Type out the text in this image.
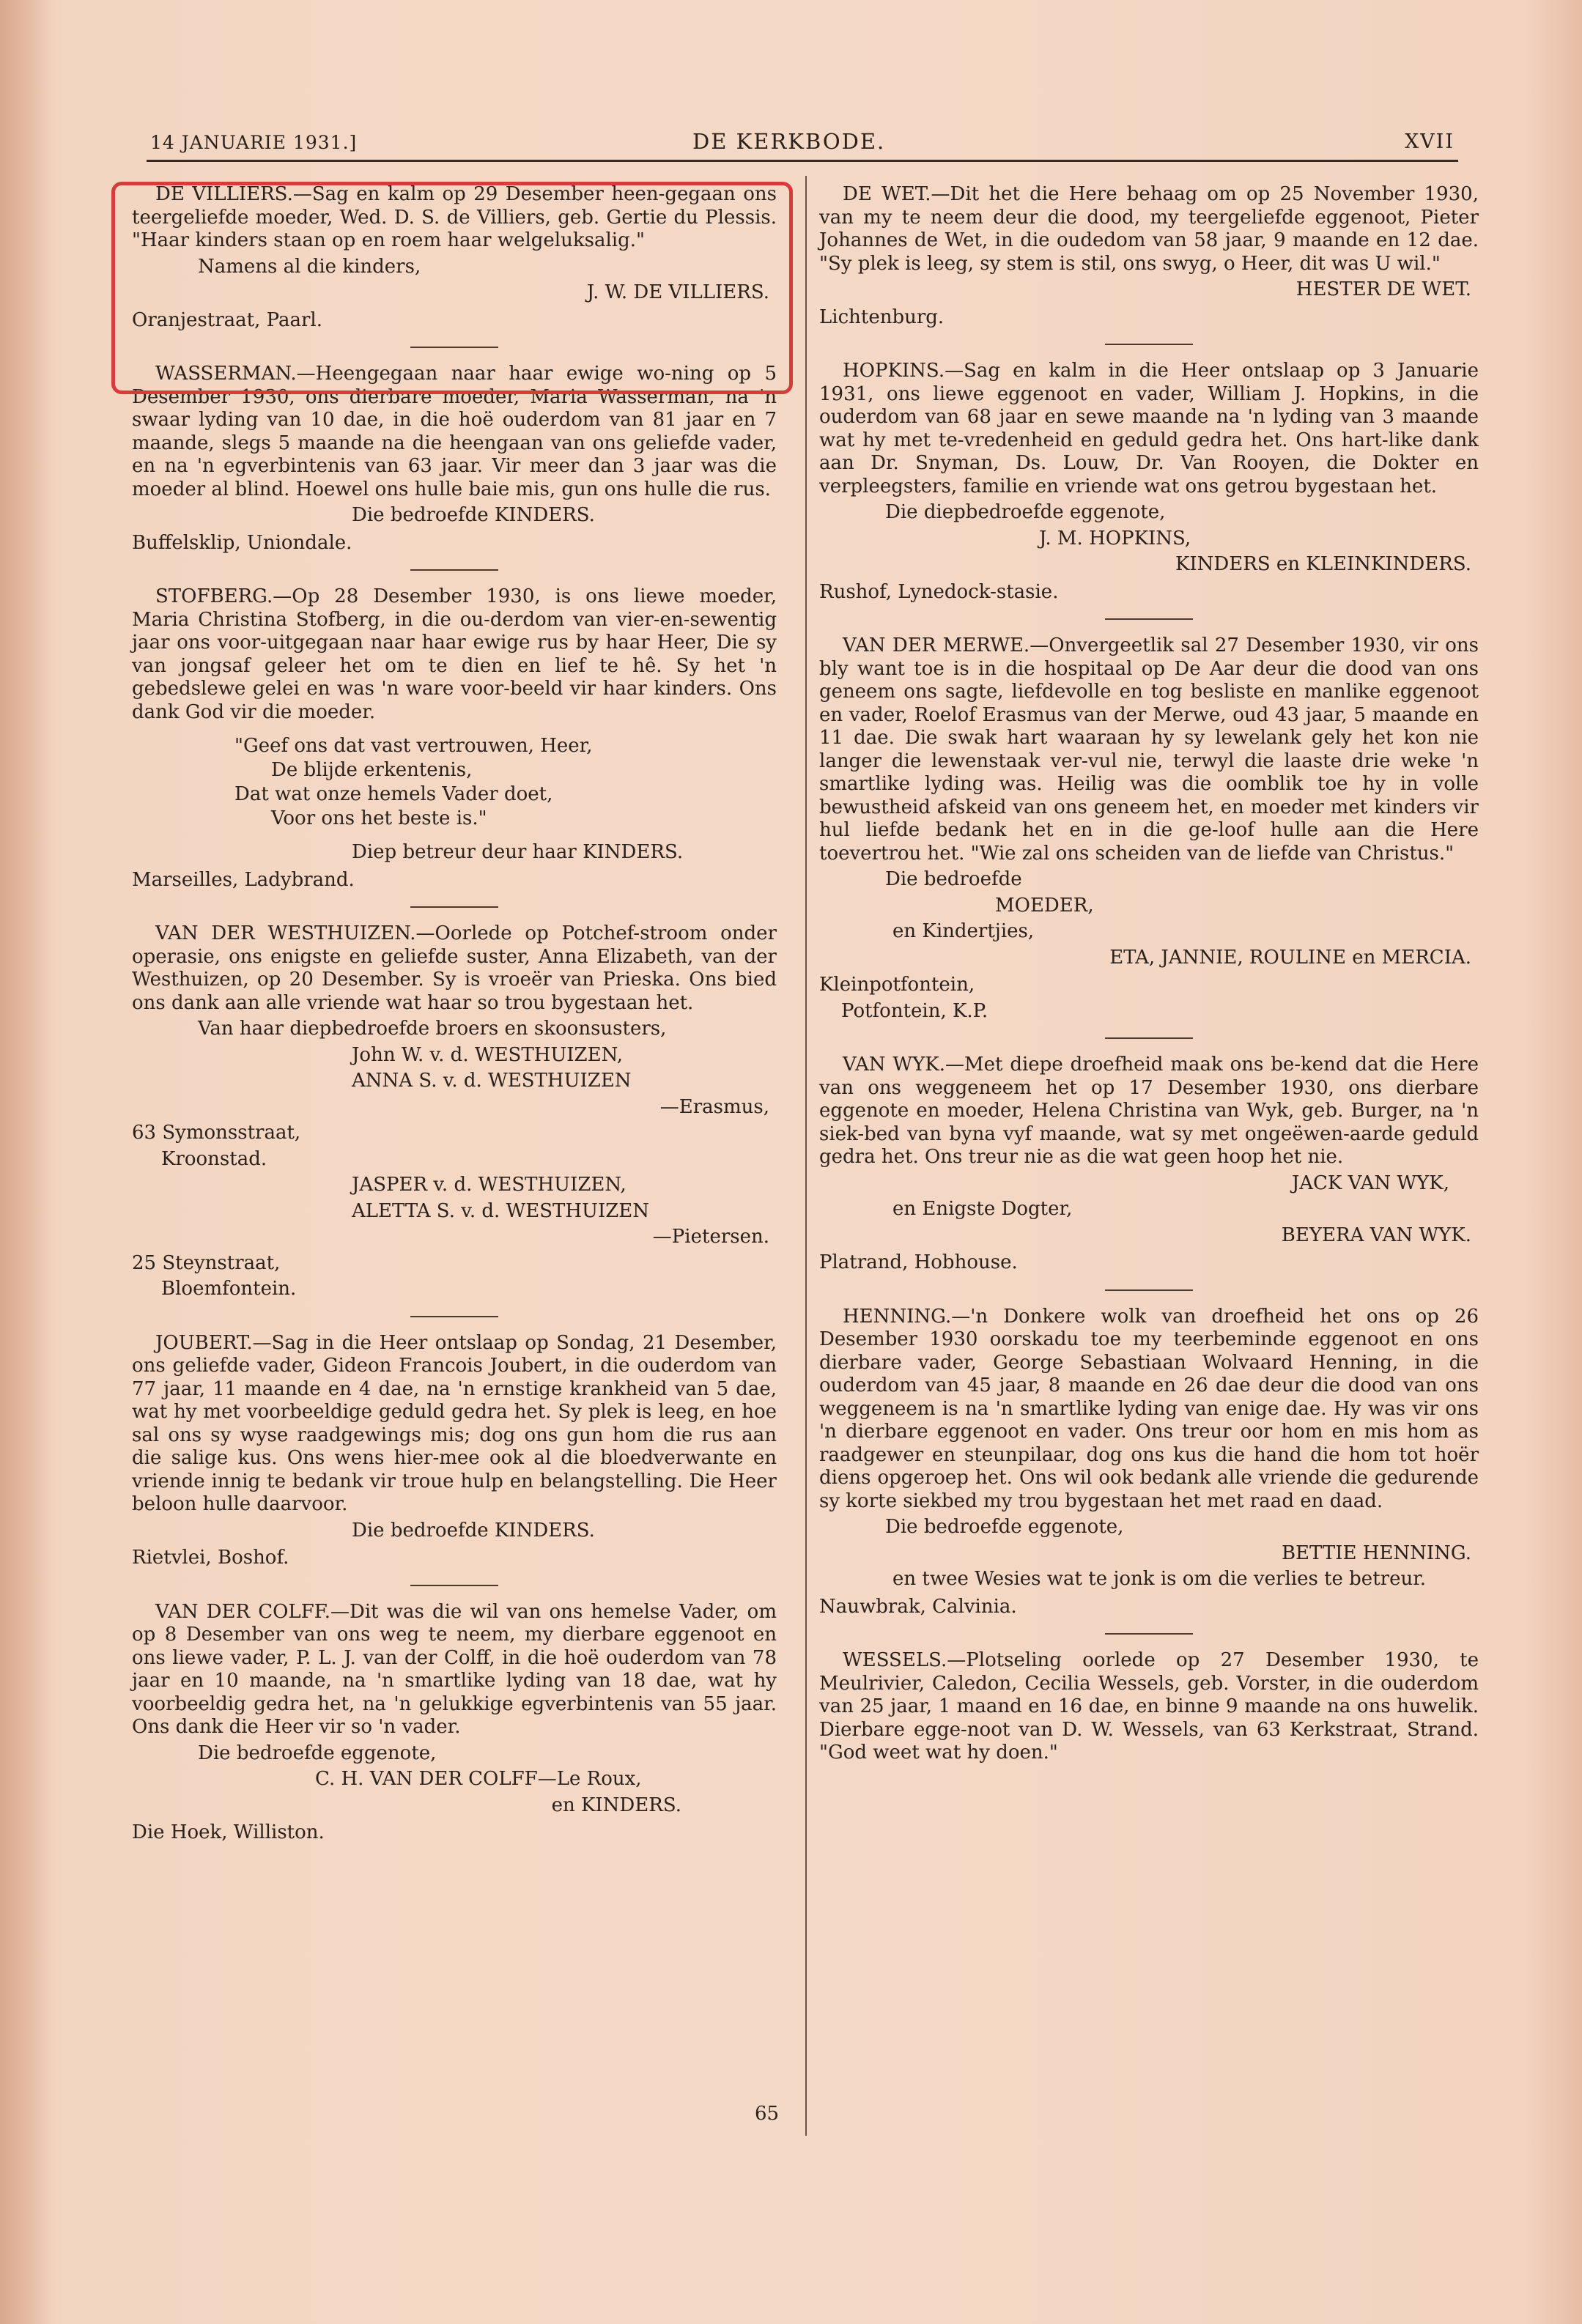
14 JANUARIE 1931.]	DE KERKBODE.	XVII

DE VILLIERS.—Sag en kalm op 29 Desember heen-gegaan ons teergeliefde moeder, Wed. D. S. de Villiers, geb. Gertie du Plessis. "Haar kinders staan op en roem haar welgeluksalig."

Namens al die kinders,
J. W. DE VILLIERS.
Oranjestraat, Paarl.

WASSERMAN.—Heengegaan naar haar ewige wo-ning op 5 Desember 1930, ons dierbare moeder, Maria Wasserman, na 'n swaar lyding van 10 dae, in die hoë ouderdom van 81 jaar en 7 maande, slegs 5 maande na die heengaan van ons geliefde vader, en na 'n egverbintenis van 63 jaar. Vir meer dan 3 jaar was die moeder al blind. Hoewel ons hulle baie mis, gun ons hulle die rus.

Die bedroefde KINDERS.
Buffelsklip, Uniondale.

STOFBERG.—Op 28 Desember 1930, is ons liewe moeder, Maria Christina Stofberg, in die ou-derdom van vier-en-sewentig jaar ons voor-uitgegaan naar haar ewige rus by haar Heer, Die sy van jongsaf geleer het om te dien en lief te hê. Sy het 'n gebedslewe gelei en was 'n ware voor-beeld vir haar kinders. Ons dank God vir die moeder.

"Geef ons dat vast vertrouwen, Heer,
De blijde erkentenis,
Dat wat onze hemels Vader doet,
Voor ons het beste is."
Diep betreur deur haar KINDERS.
Marseilles, Ladybrand.

VAN DER WESTHUIZEN.—Oorlede op Potchef-stroom onder operasie, ons enigste en geliefde suster, Anna Elizabeth, van der Westhuizen, op 20 Desember. Sy is vroeër van Prieska. Ons bied ons dank aan alle vriende wat haar so trou bygestaan het.

Van haar diepbedroefde broers en skoonsusters,
John W. v. d. WESTHUIZEN,
ANNA S. v. d. WESTHUIZEN
—Erasmus,
63 Symonsstraat,
Kroonstad.
JASPER v. d. WESTHUIZEN,
ALETTA S. v. d. WESTHUIZEN
—Pietersen.
25 Steynstraat,
Bloemfontein.

JOUBERT.—Sag in die Heer ontslaap op Sondag, 21 Desember, ons geliefde vader, Gideon Francois Joubert, in die ouderdom van 77 jaar, 11 maande en 4 dae, na 'n ernstige krankheid van 5 dae, wat hy met voorbeeldige geduld gedra het. Sy plek is leeg, en hoe sal ons sy wyse raadgewings mis; dog ons gun hom die rus aan die salige kus. Ons wens hier-mee ook al die bloedverwante en vriende innig te bedank vir troue hulp en belangstelling. Die Heer beloon hulle daarvoor.

Die bedroefde KINDERS.
Rietvlei, Boshof.

VAN DER COLFF.—Dit was die wil van ons hemelse Vader, om op 8 Desember van ons weg te neem, my dierbare eggenoot en ons liewe vader, P. L. J. van der Colff, in die hoë ouderdom van 78 jaar en 10 maande, na 'n smartlike lyding van 18 dae, wat hy voorbeeldig gedra het, na 'n gelukkige egverbintenis van 55 jaar. Ons dank die Heer vir so 'n vader.

Die bedroefde eggenote,
C. H. VAN DER COLFF—Le Roux,
en KINDERS.
Die Hoek, Williston.

DE WET.—Dit het die Here behaag om op 25 November 1930, van my te neem deur die dood, my teergeliefde eggenoot, Pieter Johannes de Wet, in die oudedom van 58 jaar, 9 maande en 12 dae. "Sy plek is leeg, sy stem is stil, ons swyg, o Heer, dit was U wil."

HESTER DE WET.
Lichtenburg.

HOPKINS.—Sag en kalm in die Heer ontslaap op 3 Januarie 1931, ons liewe eggenoot en vader, William J. Hopkins, in die ouderdom van 68 jaar en sewe maande na 'n lyding van 3 maande wat hy met te-vredenheid en geduld gedra het. Ons hart-like dank aan Dr. Snyman, Ds. Louw, Dr. Van Rooyen, die Dokter en verpleegsters, familie en vriende wat ons getrou bygestaan het.

Die diepbedroefde eggenote,
J. M. HOPKINS,
KINDERS en KLEINKINDERS.
Rushof, Lynedock-stasie.

VAN DER MERWE.—Onvergeetlik sal 27 Desember 1930, vir ons bly want toe is in die hospitaal op De Aar deur die dood van ons geneem ons sagte, liefdevolle en tog besliste en manlike eggenoot en vader, Roelof Erasmus van der Merwe, oud 43 jaar, 5 maande en 11 dae. Die swak hart waaraan hy sy lewelank gely het kon nie langer die lewenstaak ver-vul nie, terwyl die laaste drie weke 'n smartlike lyding was. Heilig was die oomblik toe hy in volle bewustheid afskeid van ons geneem het, en moeder met kinders vir hul liefde bedank het en in die ge-loof hulle aan die Here toevertrou het. "Wie zal ons scheiden van de liefde van Christus."

Die bedroefde
MOEDER,
en Kindertjies,
ETA, JANNIE, ROULINE en MERCIA.
Kleinpotfontein,
Potfontein, K.P.

VAN WYK.—Met diepe droefheid maak ons be-kend dat die Here van ons weggeneem het op 17 Desember 1930, ons dierbare eggenote en moeder, Helena Christina van Wyk, geb. Burger, na 'n siek-bed van byna vyf maande, wat sy met ongeëwen-aarde geduld gedra het. Ons treur nie as die wat geen hoop het nie.

JACK VAN WYK,
en Enigste Dogter,
BEYERA VAN WYK.
Platrand, Hobhouse.

HENNING.—'n Donkere wolk van droefheid het ons op 26 Desember 1930 oorskadu toe my teerbeminde eggenoot en ons dierbare vader, George Sebastiaan Wolvaard Henning, in die ouderdom van 45 jaar, 8 maande en 26 dae deur die dood van ons weggeneem is na 'n smartlike lyding van enige dae. Hy was vir ons 'n dierbare eggenoot en vader. Ons treur oor hom en mis hom as raadgewer en steunpilaar, dog ons kus die hand die hom tot hoër diens opgeroep het. Ons wil ook bedank alle vriende die gedurende sy korte siekbed my trou bygestaan het met raad en daad.

Die bedroefde eggenote,
BETTIE HENNING.
en twee Wesies wat te jonk is om die verlies te betreur.
Nauwbrak, Calvinia.

WESSELS.—Plotseling oorlede op 27 Desember 1930, te Meulrivier, Caledon, Cecilia Wessels, geb. Vorster, in die ouderdom van 25 jaar, 1 maand en 16 dae, en binne 9 maande na ons huwelik. Dierbare egge-noot van D. W. Wessels, van 63 Kerkstraat, Strand. "God weet wat hy doen."

65
